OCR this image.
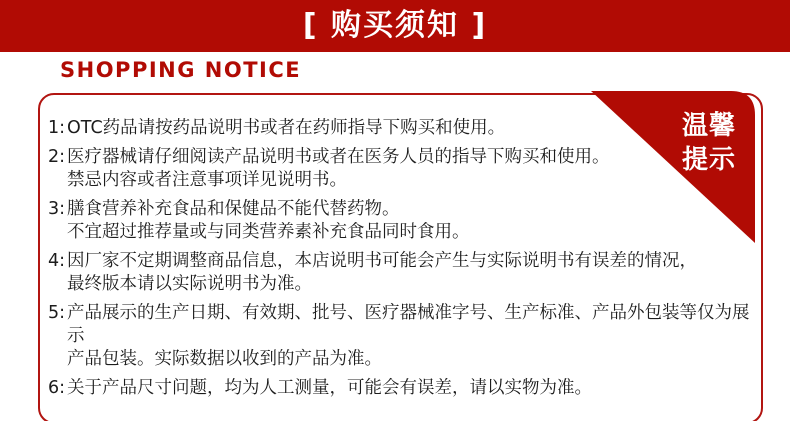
[ 购买须知 ]
SHOPPING NOTICE
1: OTC药品请按药品说明书或者在药师指导下购买和使用。
2: 医疗器械请仔细阅读产品说明书或者在医务人员的指导下购买和使用。
禁忌内容或者注意事项详见说明书。
3: 膳食营养补充食品和保健品不能代替药物。
不宜超过推荐量或与同类营养素补充食品同时食用。
4: 因厂家不定期调整商品信息，本店说明书可能会产生与实际说明书有误差的情况，
最终版本请以实际说明书为准。
5: 产品展示的生产日期、有效期、批号、医疗器械准字号、生产标准、产品外包装等仅为展示
产品包装。实际数据以收到的产品为准。
6: 关于产品尺寸问题，均为人工测量，可能会有误差，请以实物为准。
温馨
提示
